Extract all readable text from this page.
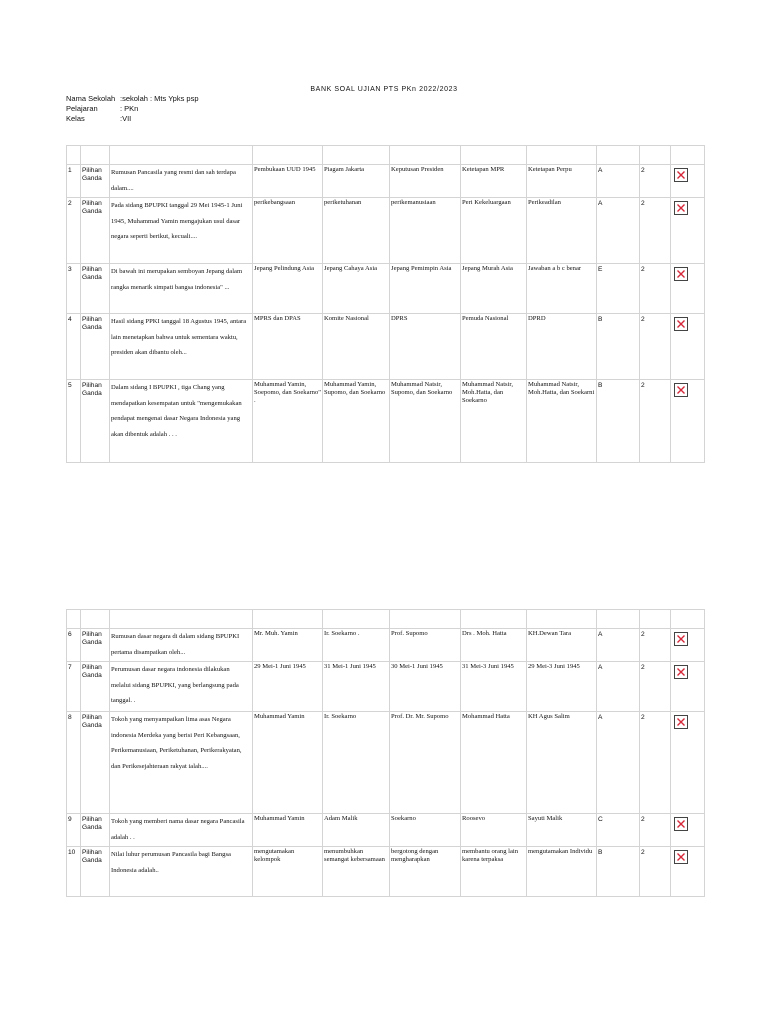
BANK SOAL UJIAN PTS PKn 2022/2023
Nama Sekolah :sekolah : Mts Ypks psp
Pelajaran	: PKn
Kelas	:VII

1	Pilihan Ganda	Rumusan Pancasila yang resmi dan sah terdapa dalam....	Pembukaan UUD 1945	Piagam Jakarta	Keputusan Presiden	Ketetapan MPR	Ketetapan Perpu	A	2	

2	Pilihan Ganda	Pada sidang BPUPKI tanggal 29 Mei 1945-1 Juni 1945, Muhammad Yamin mengajukan usul dasar negara seperti berikut, kecuali....	perikebangsaan	periketuhanan	perikemanusiaan	Peri Kekeluargaan	Perikeadilan	A	2	

3	Pilihan Ganda	Di bawah ini merupakan semboyan Jepang dalam rangka menarik simpati bangsa indonesia" ...	Jepang Pelindung Asia	Jepang Cahaya Asia	Jepang Pemimpin Asia	Jepang Murah Asia	Jawaban a b c benar	E	2	

4	Pilihan Ganda	Hasil sidang PPKI tanggal 18 Agustus 1945, antara lain menetapkan bahwa untuk sementara waktu, presiden akan dibantu oleh...	MPRS dan DPAS	Komite Nasional	DPRS	Pemuda Nasional	DPRD	B	2	

5	Pilihan Ganda	Dalam sidang I BPUPKI , tiga Chang yang mendapatkan kesempatan untuk "mengemukakan pendapat mengenai dasar Negara Indonesia yang akan dibentuk adalah . . .	Muhammad Yamin, Soepomo, dan Soekarno" .	Muhammad Yamin, Supomo, dan Soekarno	Muhammad Natsir, Supomo, dan Soekarno	Muhammad Natsir, Moh.Hatta, dan Soekarno	Muhammad Natsir, Moh.Hatta, dan Soekarni	B	2	

6	Pilihan Ganda	Rumusan dasar negara di dalam sidang BPUPKI pertama disampaikan oleh...	Mr. Muh. Yamin	Ir. Soekarno .	Prof. Supomo	Drs . Moh. Hatta	KH.Dewan Tara	A	2	

7	Pilihan Ganda	Perumusan dasar negara indonesia dilakukan melalui sidang BPUPKI, yang berlangsung pada tanggal. .	29 Mei-1 Juni 1945	31 Mei-1 Juni 1945	30 Mei-1 Juni 1945	31 Mei-3 Juni 1945	29 Mei-3 Juni 1945	A	2	

8	Pilihan Ganda	Tokoh yang menyampaikan lima asas Negara indonesia Merdeka yang berisi Peri Kebangsaan, Perikemanusiaan, Periketuhanan, Perikerakyatan, dan Perikesejahteraan rakyat ialah....	Muhammad Yamin	Ir. Soekarno	Prof. Dr. Mr. Supomo	Mohammad Hatta	KH Agus Salim	A	2	

9	Pilihan Ganda	Tokoh yang memberi nama dasar negara Pancasila adalah . .	Muhammad Yamin	Adam Malik	Soekarno	Roosevo	Sayuti Malik	C	2	

10	Pilihan Ganda	Nilai luhur perumusan Pancasila bagi Bangsa Indonesia adalah..	mengutamakan kelompok	menumbuhkan semangat kebersamaan	bergotong dengan mengharapkan	membantu orang lain karena terpaksa	mengutamakan Individu	B	2	
